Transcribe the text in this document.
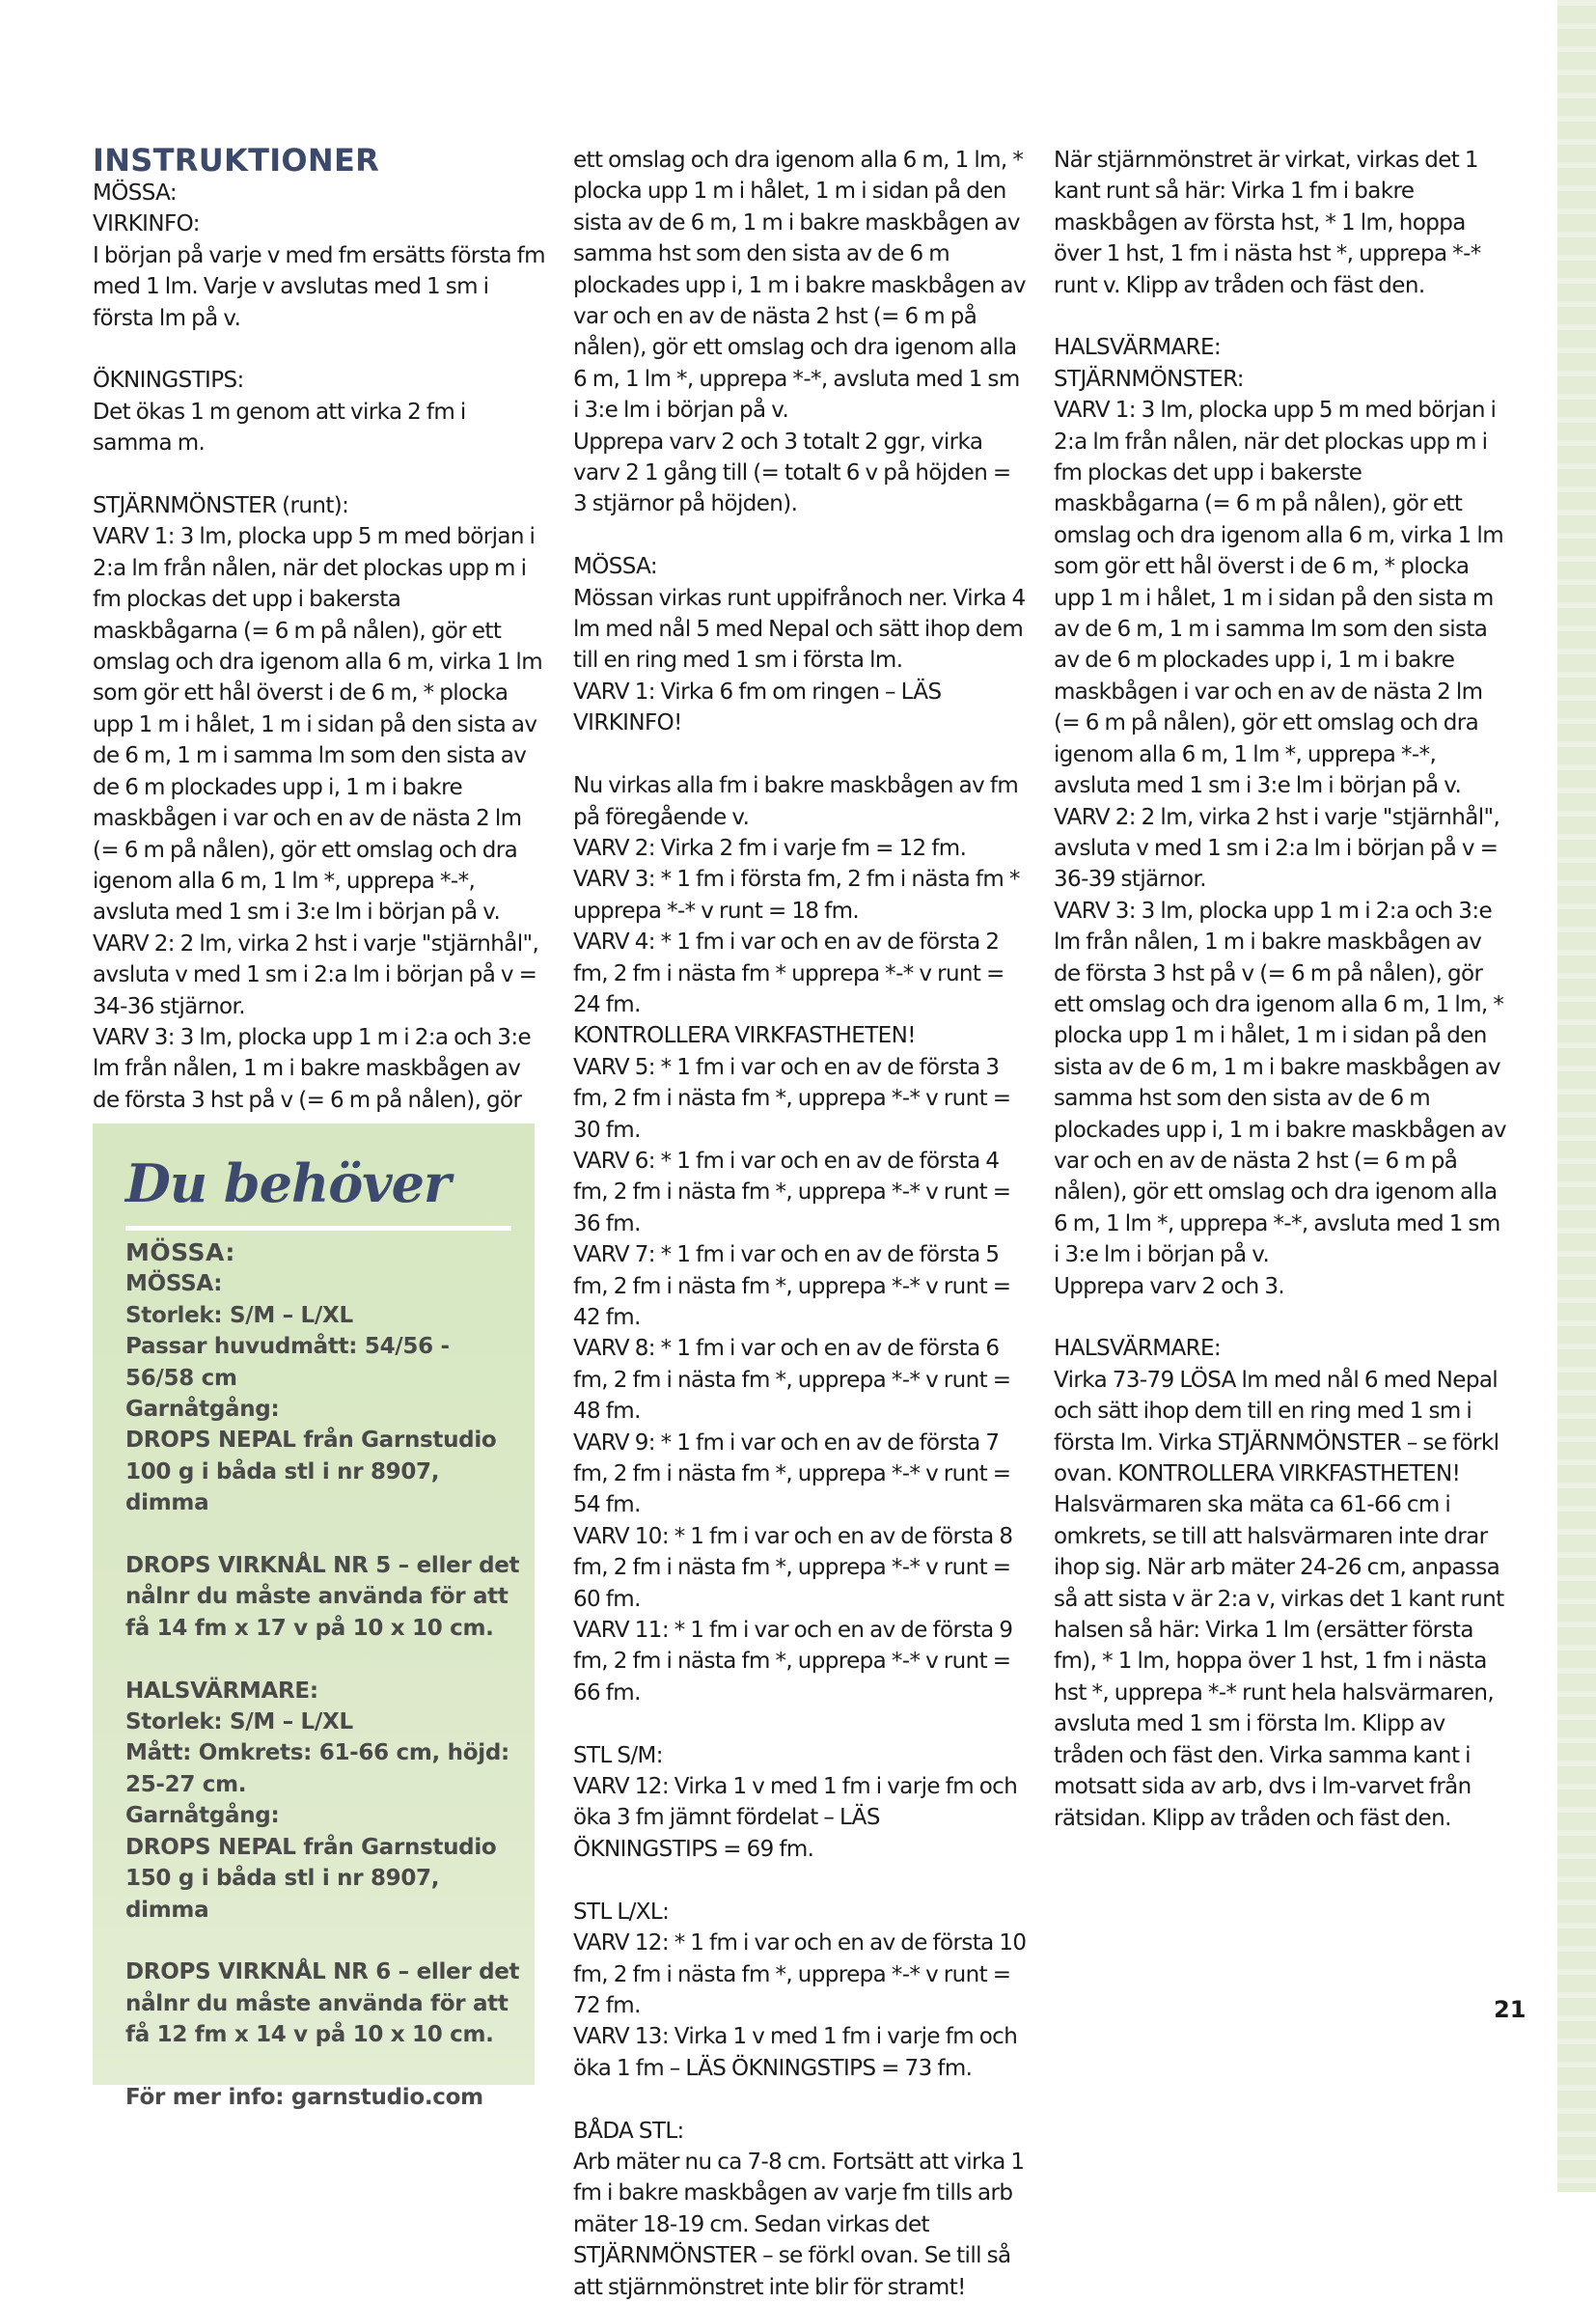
INSTRUKTIONER

MÖSSA:

VIRKINFO:

I början på varje v med fm ersätts första fm med 1 lm. Varje v avslutas med 1 sm i första lm på v.

ÖKNINGSTIPS:

Det ökas 1 m genom att virka 2 fm i samma m.

STJÄRNMÖNSTER (runt):

VARV 1: 3 lm, plocka upp 5 m med början i 2:a lm från nålen, när det plockas upp m i fm plockas det upp i bakersta maskbågarna (= 6 m på nålen), gör ett omslag och dra igenom alla 6 m, virka 1 lm som gör ett hål överst i de 6 m, * plocka upp 1 m i hålet, 1 m i sidan på den sista av de 6 m, 1 m i samma lm som den sista av de 6 m plockades upp i, 1 m i bakre maskbågen i var och en av de nästa 2 lm (= 6 m på nålen), gör ett omslag och dra igenom alla 6 m, 1 lm *, upprepa *-*, avsluta med 1 sm i 3:e lm i början på v.

VARV 2: 2 lm, virka 2 hst i varje "stjärnhål", avsluta v med 1 sm i 2:a lm i början på v = 34-36 stjärnor.

VARV 3: 3 lm, plocka upp 1 m i 2:a och 3:e lm från nålen, 1 m i bakre maskbågen av de första 3 hst på v (= 6 m på nålen), gör

Du behöver

MÖSSA:

MÖSSA:

Storlek: S/M – L/XL

Passar huvudmått: 54/56 - 56/58 cm

Garnåtgång:

DROPS NEPAL från Garnstudio 100 g i båda stl i nr 8907, dimma

DROPS VIRKNÅL NR 5 – eller det nålnr du måste använda för att få 14 fm x 17 v på 10 x 10 cm.

HALSVÄRMARE:

Storlek: S/M – L/XL

Mått: Omkrets: 61-66 cm, höjd: 25-27 cm.

Garnåtgång:

DROPS NEPAL från Garnstudio 150 g i båda stl i nr 8907, dimma

DROPS VIRKNÅL NR 6 – eller det nålnr du måste använda för att få 12 fm x 14 v på 10 x 10 cm.

För mer info: garnstudio.com

ett omslag och dra igenom alla 6 m, 1 lm, * plocka upp 1 m i hålet, 1 m i sidan på den sista av de 6 m, 1 m i bakre maskbågen av samma hst som den sista av de 6 m plockades upp i, 1 m i bakre maskbågen av var och en av de nästa 2 hst (= 6 m på nålen), gör ett omslag och dra igenom alla 6 m, 1 lm *, upprepa *-*, avsluta med 1 sm i 3:e lm i början på v.

Upprepa varv 2 och 3 totalt 2 ggr, virka varv 2 1 gång till (= totalt 6 v på höjden = 3 stjärnor på höjden).

MÖSSA:

Mössan virkas runt uppifrånoch ner. Virka 4 lm med nål 5 med Nepal och sätt ihop dem till en ring med 1 sm i första lm.

VARV 1: Virka 6 fm om ringen – LÄS VIRKINFO!

Nu virkas alla fm i bakre maskbågen av fm på föregående v.

VARV 2: Virka 2 fm i varje fm = 12 fm.

VARV 3: * 1 fm i första fm, 2 fm i nästa fm * upprepa *-* v runt = 18 fm.

VARV 4: * 1 fm i var och en av de första 2 fm, 2 fm i nästa fm * upprepa *-* v runt = 24 fm.

KONTROLLERA VIRKFASTHETEN!

VARV 5: * 1 fm i var och en av de första 3 fm, 2 fm i nästa fm *, upprepa *-* v runt = 30 fm.

VARV 6: * 1 fm i var och en av de första 4 fm, 2 fm i nästa fm *, upprepa *-* v runt = 36 fm.

VARV 7: * 1 fm i var och en av de första 5 fm, 2 fm i nästa fm *, upprepa *-* v runt = 42 fm.

VARV 8: * 1 fm i var och en av de första 6 fm, 2 fm i nästa fm *, upprepa *-* v runt = 48 fm.

VARV 9: * 1 fm i var och en av de första 7 fm, 2 fm i nästa fm *, upprepa *-* v runt = 54 fm.

VARV 10: * 1 fm i var och en av de första 8 fm, 2 fm i nästa fm *, upprepa *-* v runt = 60 fm.

VARV 11: * 1 fm i var och en av de första 9 fm, 2 fm i nästa fm *, upprepa *-* v runt = 66 fm.

STL S/M:

VARV 12: Virka 1 v med 1 fm i varje fm och öka 3 fm jämnt fördelat – LÄS ÖKNINGSTIPS = 69 fm.

STL L/XL:

VARV 12: * 1 fm i var och en av de första 10 fm, 2 fm i nästa fm *, upprepa *-* v runt = 72 fm.

VARV 13: Virka 1 v med 1 fm i varje fm och öka 1 fm – LÄS ÖKNINGSTIPS = 73 fm.

BÅDA STL:

Arb mäter nu ca 7-8 cm. Fortsätt att virka 1 fm i bakre maskbågen av varje fm tills arb mäter 18-19 cm. Sedan virkas det STJÄRNMÖNSTER – se förkl ovan. Se till så att stjärnmönstret inte blir för stramt!

När stjärnmönstret är virkat, virkas det 1 kant runt så här: Virka 1 fm i bakre maskbågen av första hst, * 1 lm, hoppa över 1 hst, 1 fm i nästa hst *, upprepa *-* runt v. Klipp av tråden och fäst den.

HALSVÄRMARE:

STJÄRNMÖNSTER:

VARV 1: 3 lm, plocka upp 5 m med början i 2:a lm från nålen, när det plockas upp m i fm plockas det upp i bakerste maskbågarna (= 6 m på nålen), gör ett omslag och dra igenom alla 6 m, virka 1 lm som gör ett hål överst i de 6 m, * plocka upp 1 m i hålet, 1 m i sidan på den sista m av de 6 m, 1 m i samma lm som den sista av de 6 m plockades upp i, 1 m i bakre maskbågen i var och en av de nästa 2 lm (= 6 m på nålen), gör ett omslag och dra igenom alla 6 m, 1 lm *, upprepa *-*, avsluta med 1 sm i 3:e lm i början på v.

VARV 2: 2 lm, virka 2 hst i varje "stjärnhål", avsluta v med 1 sm i 2:a lm i början på v = 36-39 stjärnor.

VARV 3: 3 lm, plocka upp 1 m i 2:a och 3:e lm från nålen, 1 m i bakre maskbågen av de första 3 hst på v (= 6 m på nålen), gör ett omslag och dra igenom alla 6 m, 1 lm, * plocka upp 1 m i hålet, 1 m i sidan på den sista av de 6 m, 1 m i bakre maskbågen av samma hst som den sista av de 6 m plockades upp i, 1 m i bakre maskbågen av var och en av de nästa 2 hst (= 6 m på nålen), gör ett omslag och dra igenom alla 6 m, 1 lm *, upprepa *-*, avsluta med 1 sm i 3:e lm i början på v.

Upprepa varv 2 och 3.

HALSVÄRMARE:

Virka 73-79 LÖSA lm med nål 6 med Nepal och sätt ihop dem till en ring med 1 sm i första lm. Virka STJÄRNMÖNSTER – se förkl ovan. KONTROLLERA VIRKFASTHETEN! Halsvärmaren ska mäta ca 61-66 cm i omkrets, se till att halsvärmaren inte drar ihop sig. När arb mäter 24-26 cm, anpassa så att sista v är 2:a v, virkas det 1 kant runt halsen så här: Virka 1 lm (ersätter första fm), * 1 lm, hoppa över 1 hst, 1 fm i nästa hst *, upprepa *-* runt hela halsvärmaren, avsluta med 1 sm i första lm. Klipp av tråden och fäst den. Virka samma kant i motsatt sida av arb, dvs i lm-varvet från rätsidan. Klipp av tråden och fäst den.

21
